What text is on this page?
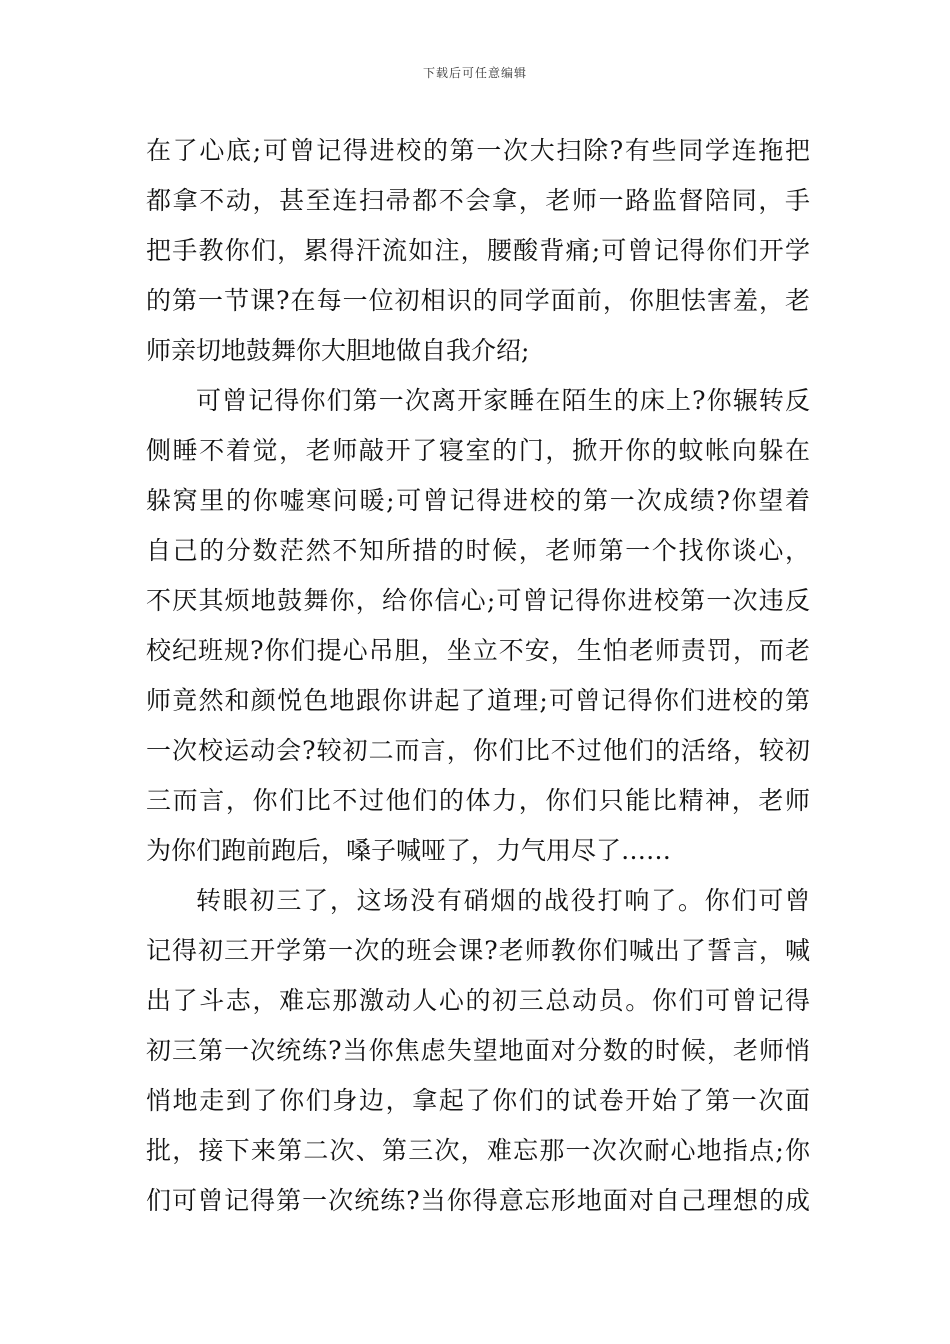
下载后可任意编辑
在了心底;可曾记得进校的第一次大扫除?有些同学连拖把
都拿不动，甚至连扫帚都不会拿，老师一路监督陪同，手
把手教你们，累得汗流如注，腰酸背痛;可曾记得你们开学
的第一节课?在每一位初相识的同学面前，你胆怯害羞，老
师亲切地鼓舞你大胆地做自我介绍;
可曾记得你们第一次离开家睡在陌生的床上?你辗转反
侧睡不着觉，老师敲开了寝室的门，掀开你的蚊帐向躲在
躲窝里的你嘘寒问暖;可曾记得进校的第一次成绩?你望着
自己的分数茫然不知所措的时候，老师第一个找你谈心，
不厌其烦地鼓舞你，给你信心;可曾记得你进校第一次违反
校纪班规?你们提心吊胆，坐立不安，生怕老师责罚，而老
师竟然和颜悦色地跟你讲起了道理;可曾记得你们进校的第
一次校运动会?较初二而言，你们比不过他们的活络，较初
三而言，你们比不过他们的体力，你们只能比精神，老师
为你们跑前跑后，嗓子喊哑了，力气用尽了……
转眼初三了，这场没有硝烟的战役打响了。你们可曾
记得初三开学第一次的班会课?老师教你们喊出了誓言，喊
出了斗志，难忘那激动人心的初三总动员。你们可曾记得
初三第一次统练?当你焦虑失望地面对分数的时候，老师悄
悄地走到了你们身边，拿起了你们的试卷开始了第一次面
批，接下来第二次、第三次，难忘那一次次耐心地指点;你
们可曾记得第一次统练?当你得意忘形地面对自己理想的成
